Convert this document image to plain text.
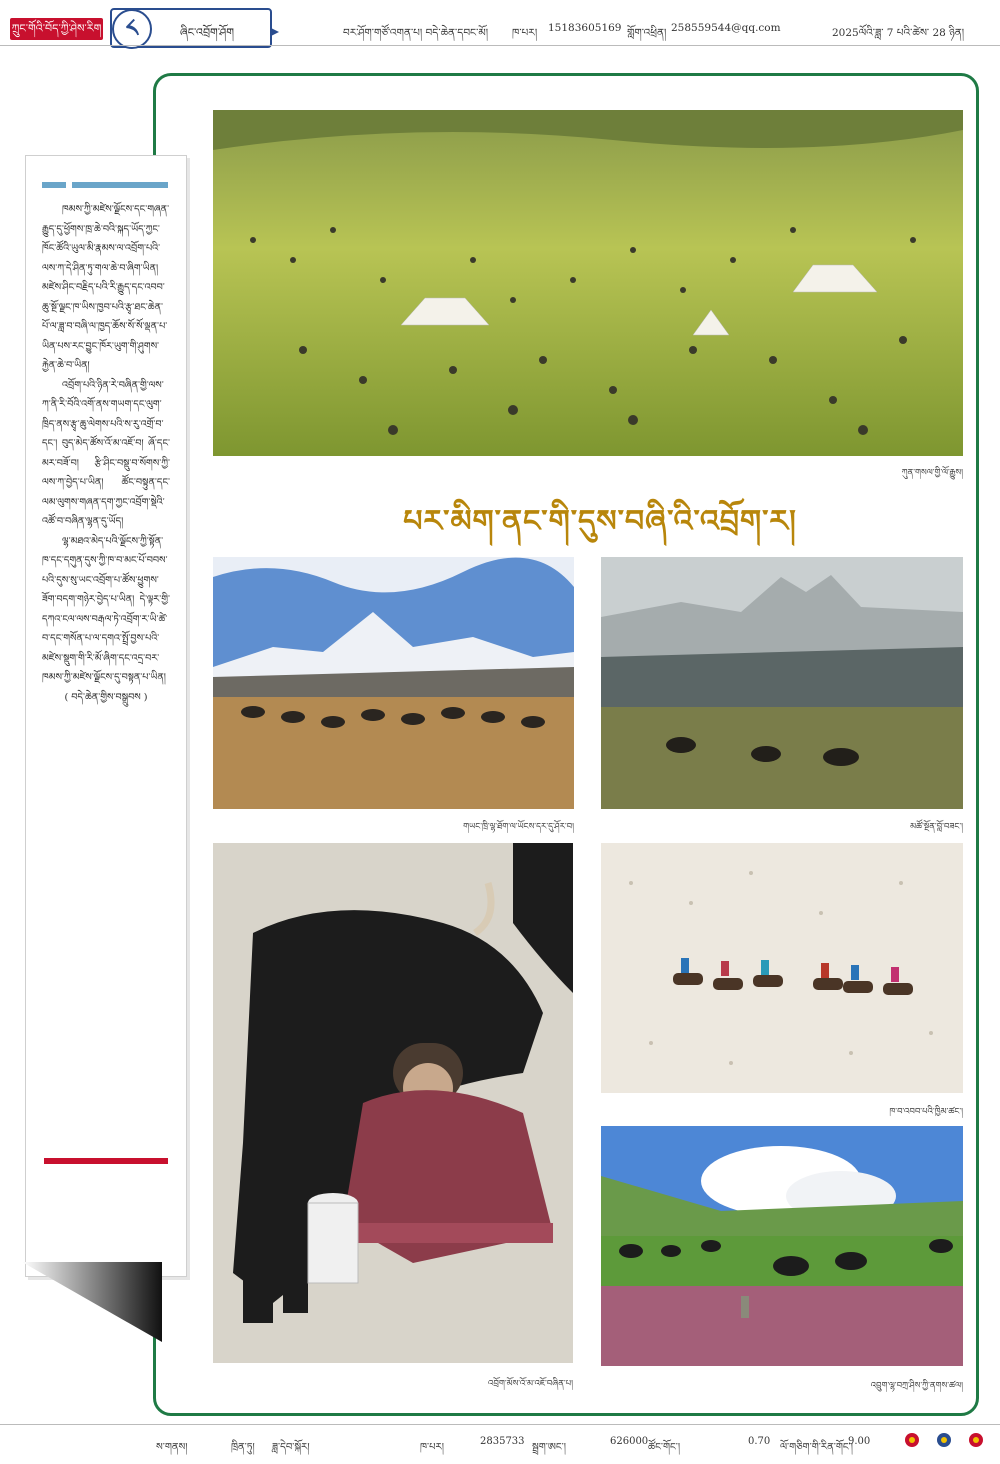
ཀྲུང་གོའི་བོད་ཀྱི་ཤེས་རིག	༨	ཞིང་འབྲོག་ཤོག	བར་ཤོག་གཙོ་འགན་པ། བདེ་ཆེན་དབང་མོ། ཁ་པར། 15183605169 གློག་འཕྲིན། 258559544@qq.com	2025ལོའི་ཟླ་ 7 པའི་ཚེས་ 28 ཉིན།
ཀུན་གསལ་གྱི་ལོ་རྒྱུས།
པར་མིག་ནང་གི་དུས་བཞི་འི་འབྲོག་ར།
གཡང་ཁྲི་ལྷ་ཐོག་ལ་ཡོངས་དར་དུ་ཤོར་བ།	མཚོ་སྔོན་བློ་བཟང་།
འབྲོག་མོས་འོ་མ་འཇོ་བཞིན་པ།
ཁ་བ་འབབ་པའི་ཁྱིམ་ཚང་།
འབྲུག་ལྷ་བཀྲ་ཤིས་ཀྱི་ནགས་ཚལ།

ཁམས་ཀྱི་མཛེས་ལྗོངས་དང་གཞན་རྒྱུད་དུ་ཕྱོགས་ཁྲ་ཆེ་བའི་སྐད་ཡོད་ཀྱང་ཁོང་ཚོའི་ཡུལ་མི་རྣམས་ལ་འབྲོག་པའི་ལས་ཀ་དེ་ཤིན་ཏུ་གལ་ཆེ་བ་ཞིག་ཡིན། མཛེས་ཤིང་བརྗིད་པའི་རི་རྒྱུད་དང་འབབ་ཆུ་སྔོ་ལྗང་ཁ་ཡིས་ཁྱབ་པའི་རྩྭ་ཐང་ཆེན་པོ་ལ་ཟླ་བ་བཞི་ལ་ཁྱད་ཆོས་སོ་སོ་ལྡན་པ་ཡིན་པས་རང་བྱུང་ཁོར་ཡུག་གི་ཤུགས་རྐྱེན་ཆེ་བ་ཡིན།

འབྲོག་པའི་ཉིན་རེ་བཞིན་གྱི་ལས་ཀ་ནི་རི་བོའི་འགོ་ནས་གཡག་དང་ལུག་ཁྲིད་ནས་རྩྭ་ཆུ་ལེགས་པའི་ས་རུ་འགྲོ་བ་དང་། བུད་མེད་ཚོས་འོ་མ་འཇོ་བ། ཞོ་དང་མར་བཟོ་བ། རྩི་ཤིང་བསྡུ་བ་སོགས་ཀྱི་ལས་ཀ་བྱེད་པ་ཡིན། ཚོང་བསྟུན་དང་ལམ་ལུགས་གཞན་དག་ཀྱང་འབྲོག་སྡེའི་འཚོ་བ་བཞིན་ལྷན་དུ་ཡོད།

ལྷ་མཐའ་མེད་པའི་ལྗོངས་ཀྱི་སྟོན་ཁ་དང་དགུན་དུས་ཀྱི་ཁ་བ་མང་པོ་བབས་པའི་དུས་སུ་ཡང་འབྲོག་པ་ཚོས་ཕྱུགས་ཟོག་བདག་གཉེར་བྱེད་པ་ཡིན། དེ་ལྟར་གྱི་དཀའ་ངལ་ལས་བརྒལ་ཏེ་འབྲོག་ར་ཡི་ཚེ་བ་དང་གསོན་པ་ལ་དགའ་སྤྲོ་བྱས་པའི་མཛེས་སྡུག་གི་རི་མོ་ཞིག་དང་འདྲ་བར་ཁམས་ཀྱི་མཛེས་ལྗོངས་དུ་བསྟན་པ་ཡིན།

( བདེ་ཆེན་གྱིས་བསྒྲུབས )

ས་གནས།	ཁྲིན་ཏུ། ཟླ་དེབ་སྐོར།	ཁ་པར།
2835733
སྦྲག་ཨང་།
626000
ཚོང་གོང་།
0.70
ལོ་གཅིག་གི་རིན་གོང་།
9.00
